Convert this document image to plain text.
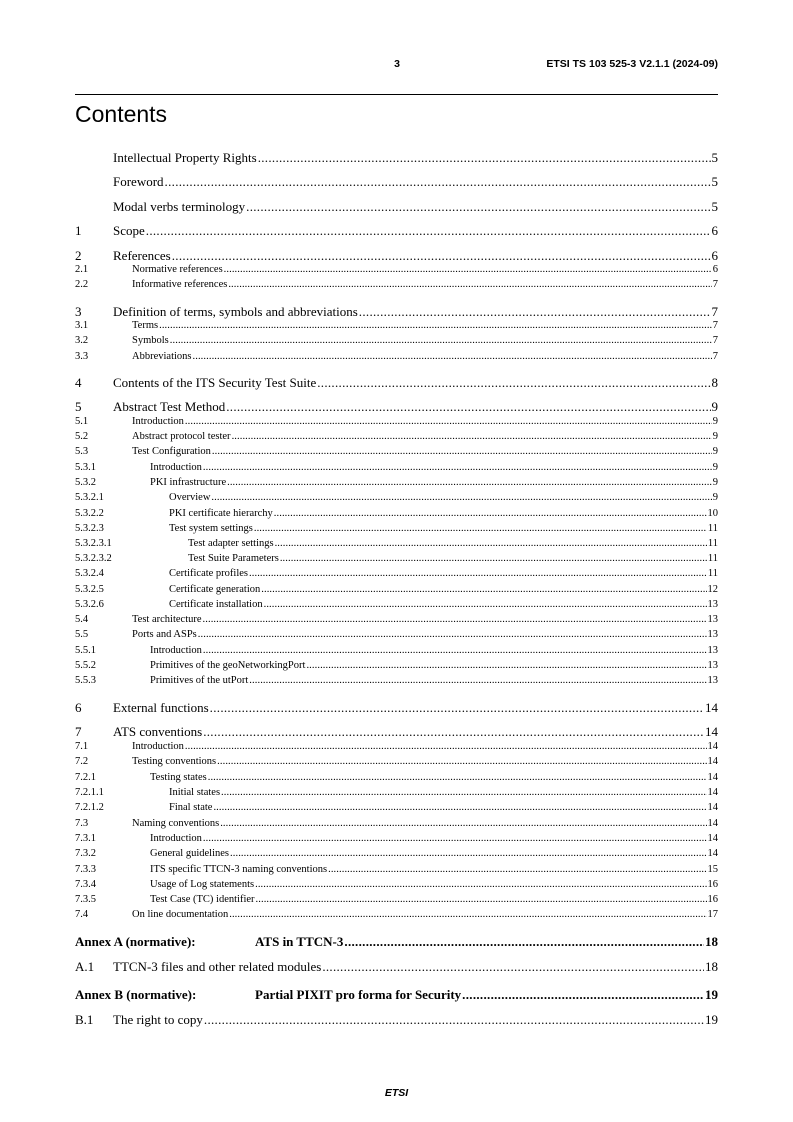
3	ETSI TS 103 525-3 V2.1.1 (2024-09)
Contents
Intellectual Property Rights .....	5
Foreword .....	5
Modal verbs terminology .....	5
1	Scope .....	6
2	References .....	6
2.1	Normative references .....	6
2.2	Informative references .....	7
3	Definition of terms, symbols and abbreviations .....	7
3.1	Terms .....	7
3.2	Symbols .....	7
3.3	Abbreviations .....	7
4	Contents of the ITS Security Test Suite .....	8
5	Abstract Test Method .....	9
5.1	Introduction .....	9
5.2	Abstract protocol tester .....	9
5.3	Test Configuration .....	9
5.3.1	Introduction .....	9
5.3.2	PKI infrastructure .....	9
5.3.2.1	Overview .....	9
5.3.2.2	PKI certificate hierarchy .....	10
5.3.2.3	Test system settings .....	11
5.3.2.3.1	Test adapter settings .....	11
5.3.2.3.2	Test Suite Parameters .....	11
5.3.2.4	Certificate profiles .....	11
5.3.2.5	Certificate generation .....	12
5.3.2.6	Certificate installation .....	13
5.4	Test architecture .....	13
5.5	Ports and ASPs .....	13
5.5.1	Introduction .....	13
5.5.2	Primitives of the geoNetworkingPort .....	13
5.5.3	Primitives of the utPort .....	13
6	External functions .....	14
7	ATS conventions .....	14
7.1	Introduction .....	14
7.2	Testing conventions .....	14
7.2.1	Testing states .....	14
7.2.1.1	Initial states .....	14
7.2.1.2	Final state .....	14
7.3	Naming conventions .....	14
7.3.1	Introduction .....	14
7.3.2	General guidelines .....	14
7.3.3	ITS specific TTCN-3 naming conventions .....	15
7.3.4	Usage of Log statements .....	16
7.3.5	Test Case (TC) identifier .....	16
7.4	On line documentation .....	17
Annex A (normative):	ATS in TTCN-3 .....	18
A.1	TTCN-3 files and other related modules .....	18
Annex B (normative):	Partial PIXIT pro forma for Security .....	19
B.1	The right to copy .....	19
ETSI
